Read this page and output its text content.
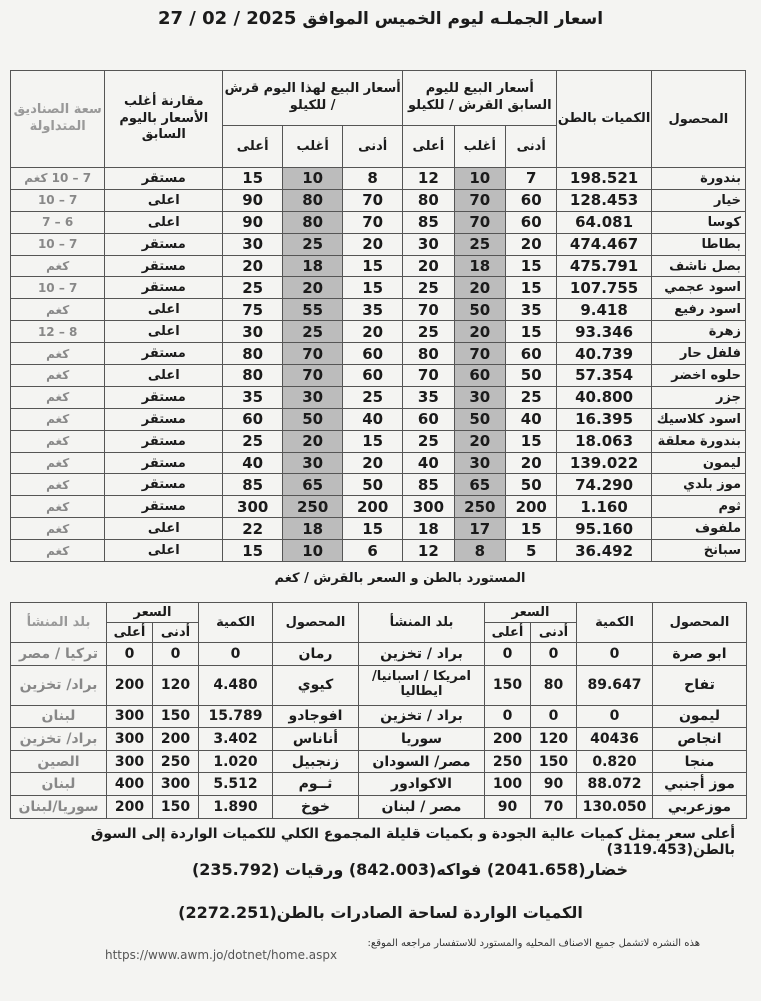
اسعار الجملـه ليوم الخميس الموافق 2025 / 02 / 27
المحصول	الكميات بالطن	أسعار البيع لليوم السابق القرش / للكيلو			أسعار البيع لهذا اليوم قرش / للكيلو			مقارنة أغلب الأسعار باليوم السابق	سعة الصناديق المتداولة
		أدنى	أغلب	أعلى	أدنى	أغلب	أعلى		
بندورة	198.521	7	10	12	8	10	15	مستقر	7 – 10 كغم
خيار	128.453	60	70	80	70	80	90	اعلى	7 – 10
كوسا	64.081	60	70	85	70	80	90	اعلى	6 – 7
بطاطا	474.467	20	25	30	20	25	30	مستقر	7 – 10
بصل ناشف	475.791	15	18	20	15	18	20	مستقر	كغم
اسود عجمي	107.755	15	20	25	15	20	25	مستقر	7 – 10
اسود رفيع	9.418	35	50	70	35	55	75	اعلى	كغم
زهرة	93.346	15	20	25	20	25	30	اعلى	8 – 12
فلفل حار	40.739	60	70	80	60	70	80	مستقر	كغم
حلوه اخضر	57.354	50	60	70	60	70	80	اعلى	كغم
جزر	40.800	25	30	35	25	30	35	مستقر	كغم
اسود كلاسيك	16.395	40	50	60	40	50	60	مستقر	كغم
بندورة معلقة	18.063	15	20	25	15	20	25	مستقر	كغم
ليمون	139.022	20	30	40	20	30	40	مستقر	كغم
موز بلدي	74.290	50	65	85	50	65	85	مستقر	كغم
ثوم	1.160	200	250	300	200	250	300	مستقر	كغم
ملفوف	95.160	15	17	18	15	18	22	اعلى	كغم
سبانخ	36.492	5	8	12	6	10	15	اعلى	كغم
المستورد بالطن و السعر بالقرش / كغم
المحصول	الكمية	السعر		بلد المنشأ	المحصول	الكمية	السعر		بلد المنشأ
		أدنى	أعلى				أدنى	أعلى	
ابو صرة	0	0	0	براد / تخزين	رمان	0	0	0	تركيا / مصر
تفاح	89.647	80	150	امريكا / اسبانيا/ايطاليا	كيوي	4.480	120	200	براد/ تخزين
ليمون	0	0	0	براد / تخزين	افوجادو	15.789	150	300	لبنان
انجاص	40436	120	200	سوريا	أناناس	3.402	200	300	براد/ تخزين
منجا	0.820	150	250	مصر/ السودان	زنجبيل	1.020	250	300	الصين
موز أجنبي	88.072	90	100	الاكوادور	ثــوم	5.512	300	400	لبنان
موزعربي	130.050	70	90	مصر / لبنان	خوخ	1.890	150	200	سوريا/لبنان
أعلى سعر يمثل كميات عالية الجودة و بكميات قليلة المجموع الكلي للكميات الواردة إلى السوق بالطن(3119.453)
خضار(2041.658) فواكه(842.003) ورقيات (235.792)
الكميات الواردة لساحة الصادرات بالطن(2272.251)
هذه النشره لاتشمل جميع الاصناف المحليه والمستورد للاستفسار مراجعه الموقع:
https://www.awm.jo/dotnet/home.aspx
